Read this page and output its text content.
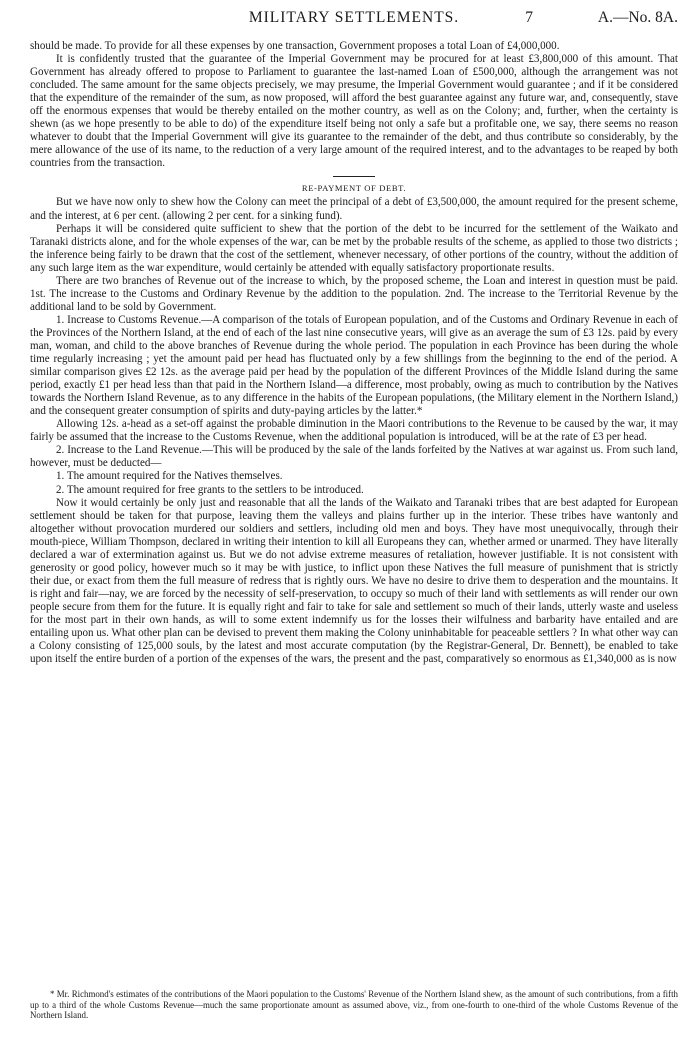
MILITARY SETTLEMENTS.	7	A.—No. 8A.

should be made. To provide for all these expenses by one transaction, Government proposes a total Loan of £4,000,000.

It is confidently trusted that the guarantee of the Imperial Government may be procured for at least £3,800,000 of this amount. That Government has already offered to propose to Parliament to guarantee the last-named Loan of £500,000, although the arrangement was not concluded. The same amount for the same objects precisely, we may presume, the Imperial Government would guarantee ; and if it be considered that the expenditure of the remainder of the sum, as now proposed, will afford the best guarantee against any future war, and, consequently, stave off the enormous expenses that would be thereby entailed on the mother country, as well as on the Colony; and, further, when the certainty is shewn (as we hope presently to be able to do) of the expenditure itself being not only a safe but a profitable one, we say, there seems no reason whatever to doubt that the Imperial Government will give its guarantee to the remainder of the debt, and thus contribute so considerably, by the mere allowance of the use of its name, to the reduction of a very large amount of the required interest, and to the advantages to be reaped by both countries from the transaction.

RE-PAYMENT OF DEBT.

But we have now only to shew how the Colony can meet the principal of a debt of £3,500,000, the amount required for the present scheme, and the interest, at 6 per cent. (allowing 2 per cent. for a sinking fund).

Perhaps it will be considered quite sufficient to shew that the portion of the debt to be incurred for the settlement of the Waikato and Taranaki districts alone, and for the whole expenses of the war, can be met by the probable results of the scheme, as applied to those two districts ; the inference being fairly to be drawn that the cost of the settlement, whenever necessary, of other portions of the country, without the addition of any such large item as the war expenditure, would certainly be attended with equally satisfactory proportionate results.

There are two branches of Revenue out of the increase to which, by the proposed scheme, the Loan and interest in question must be paid. 1st. The increase to the Customs and Ordinary Revenue by the addition to the population. 2nd. The increase to the Territorial Revenue by the additional land to be sold by Government.

1. Increase to Customs Revenue.—A comparison of the totals of European population, and of the Customs and Ordinary Revenue in each of the Provinces of the Northern Island, at the end of each of the last nine consecutive years, will give as an average the sum of £3 12s. paid by every man, woman, and child to the above branches of Revenue during the whole period. The population in each Province has been during the whole time regularly increasing ; yet the amount paid per head has fluctuated only by a few shillings from the beginning to the end of the period. A similar comparison gives £2 12s. as the average paid per head by the population of the different Provinces of the Middle Island during the same period, exactly £1 per head less than that paid in the Northern Island—a difference, most probably, owing as much to contribution by the Natives towards the Northern Island Revenue, as to any difference in the habits of the European populations, (the Military element in the Northern Island,) and the consequent greater consumption of spirits and duty-paying articles by the latter.*

Allowing 12s. a-head as a set-off against the probable diminution in the Maori contributions to the Revenue to be caused by the war, it may fairly be assumed that the increase to the Customs Revenue, when the additional population is introduced, will be at the rate of £3 per head.

2. Increase to the Land Revenue.—This will be produced by the sale of the lands forfeited by the Natives at war against us. From such land, however, must be deducted—

1. The amount required for the Natives themselves.

2. The amount required for free grants to the settlers to be introduced.

Now it would certainly be only just and reasonable that all the lands of the Waikato and Taranaki tribes that are best adapted for European settlement should be taken for that purpose, leaving them the valleys and plains further up in the interior. These tribes have wantonly and altogether without provocation murdered our soldiers and settlers, including old men and boys. They have most unequivocally, through their mouth-piece, William Thompson, declared in writing their intention to kill all Europeans they can, whether armed or unarmed. They have literally declared a war of extermination against us. But we do not advise extreme measures of retaliation, however justifiable. It is not consistent with generosity or good policy, however much so it may be with justice, to inflict upon these Natives the full measure of punishment that is strictly their due, or exact from them the full measure of redress that is rightly ours. We have no desire to drive them to desperation and the mountains. It is right and fair—nay, we are forced by the necessity of self-preservation, to occupy so much of their land with settlements as will render our own people secure from them for the future. It is equally right and fair to take for sale and settlement so much of their lands, utterly waste and useless for the most part in their own hands, as will to some extent indemnify us for the losses their wilfulness and barbarity have entailed and are entailing upon us. What other plan can be devised to prevent them making the Colony uninhabitable for peaceable settlers ? In what other way can a Colony consisting of 125,000 souls, by the latest and most accurate computation (by the Registrar-General, Dr. Bennett), be enabled to take upon itself the entire burden of a portion of the expenses of the wars, the present and the past, comparatively so enormous as £1,340,000 as is now

* Mr. Richmond's estimates of the contributions of the Maori population to the Customs' Revenue of the Northern Island shew, as the amount of such contributions, from a fifth up to a third of the whole Customs Revenue—much the same proportionate amount as assumed above, viz., from one-fourth to one-third of the whole Customs Revenue of the Northern Island.
